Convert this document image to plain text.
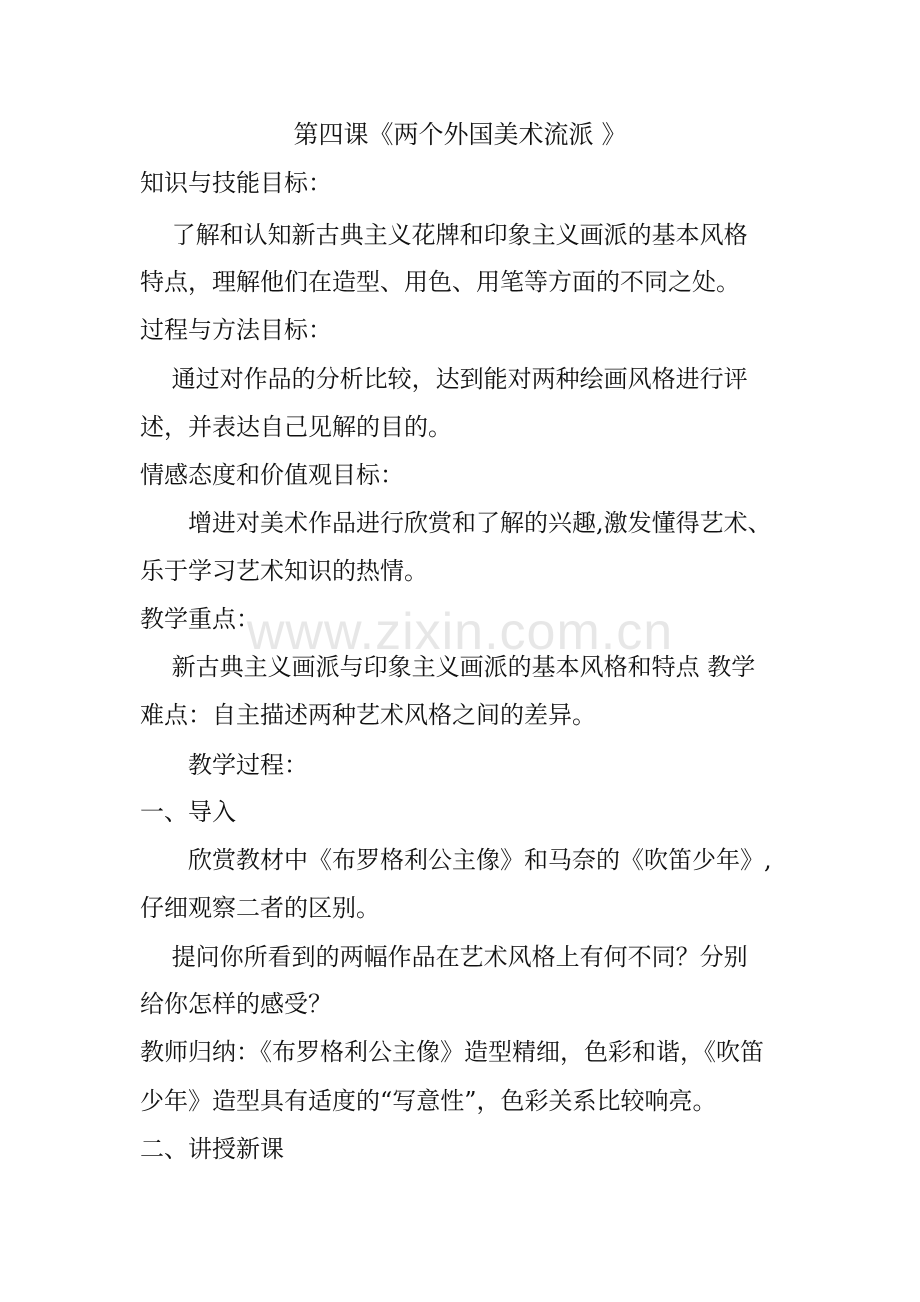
第四课《两个外国美术流派 》
知识与技能目标：
　 了解和认知新古典主义花牌和印象主义画派的基本风格
特点，理解他们在造型、用色、用笔等方面的不同之处。
过程与方法目标：
　 通过对作品的分析比较，达到能对两种绘画风格进行评
述，并表达自己见解的目的。
情感态度和价值观目标：
　　增进对美术作品进行欣赏和了解的兴趣,激发懂得艺术、
乐于学习艺术知识的热情。
教学重点：
　 新古典主义画派与印象主义画派的基本风格和特点 教学
难点：自主描述两种艺术风格之间的差异。
　　教学过程：
一、导入
　　欣赏教材中《布罗格利公主像》和马奈的《吹笛少年》,
仔细观察二者的区别。
　 提问你所看到的两幅作品在艺术风格上有何不同？分别
给你怎样的感受？
教师归纳：《布罗格利公主像》造型精细，色彩和谐，《吹笛
少年》造型具有适度的“写意性”，色彩关系比较响亮。
二、讲授新课
www.zixin.com.cn
